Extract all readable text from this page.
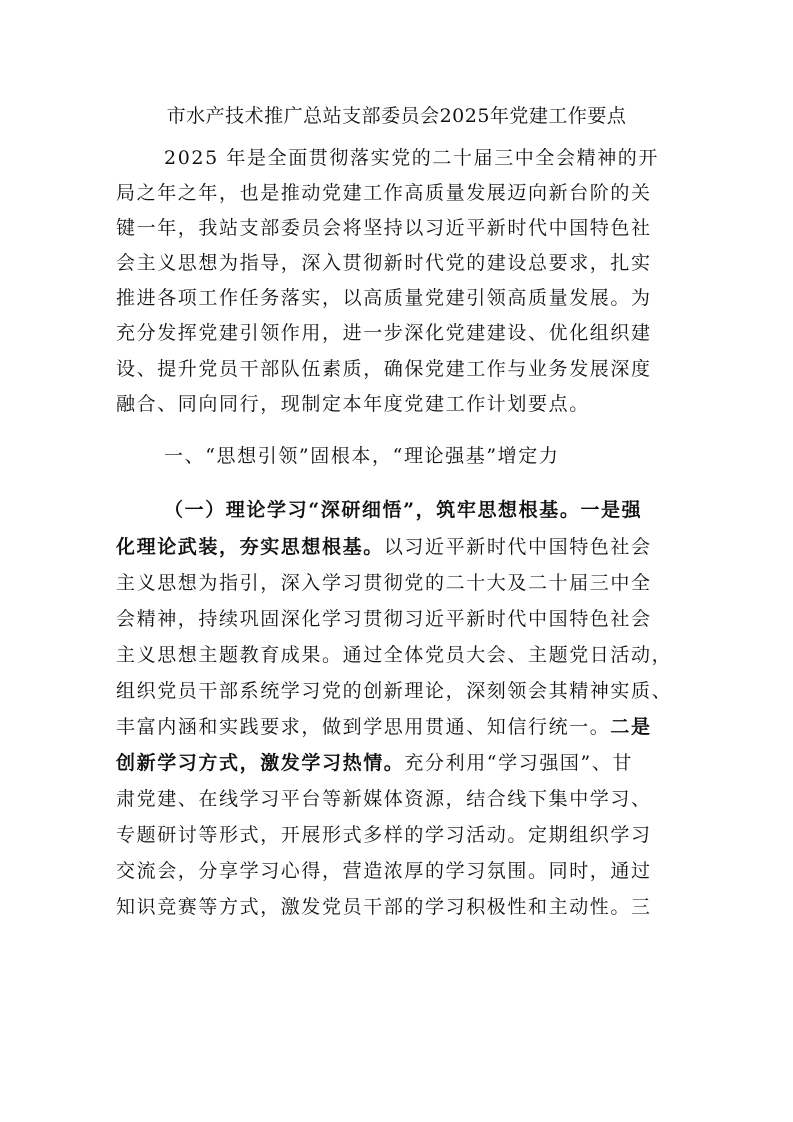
市水产技术推广总站支部委员会2025年党建工作要点
2025 年是全面贯彻落实党的二十届三中全会精神的开
局之年之年，也是推动党建工作高质量发展迈向新台阶的关
键一年，我站支部委员会将坚持以习近平新时代中国特色社
会主义思想为指导，深入贯彻新时代党的建设总要求，扎实
推进各项工作任务落实，以高质量党建引领高质量发展。为
充分发挥党建引领作用，进一步深化党建建设、优化组织建
设、提升党员干部队伍素质，确保党建工作与业务发展深度
融合、同向同行，现制定本年度党建工作计划要点。
一、“思想引领”固根本，“理论强基”增定力
（一）理论学习“深研细悟”，筑牢思想根基。一是强
化理论武装，夯实思想根基。以习近平新时代中国特色社会
主义思想为指引，深入学习贯彻党的二十大及二十届三中全
会精神，持续巩固深化学习贯彻习近平新时代中国特色社会
主义思想主题教育成果。通过全体党员大会、主题党日活动，
组织党员干部系统学习党的创新理论，深刻领会其精神实质、
丰富内涵和实践要求，做到学思用贯通、知信行统一。二是
创新学习方式，激发学习热情。充分利用“学习强国”、甘
肃党建、在线学习平台等新媒体资源，结合线下集中学习、
专题研讨等形式，开展形式多样的学习活动。定期组织学习
交流会，分享学习心得，营造浓厚的学习氛围。同时，通过
知识竞赛等方式，激发党员干部的学习积极性和主动性。三
